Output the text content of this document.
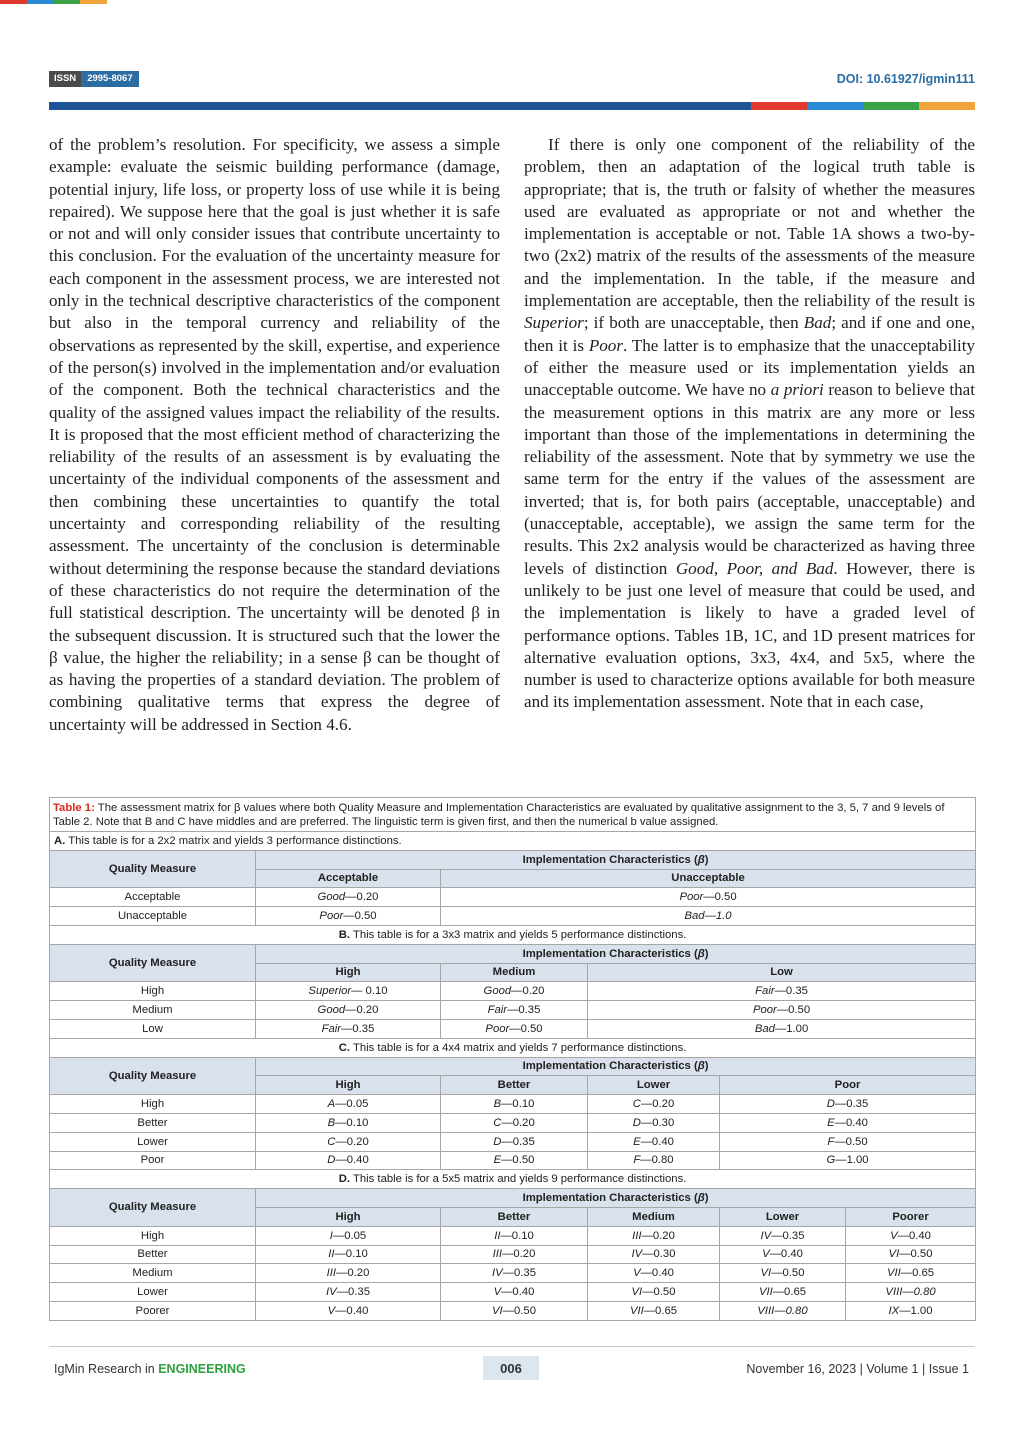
ISSN	2995-8067	DOI: 10.61927/igmin111

of the problem’s resolution. For specificity, we assess a simple example: evaluate the seismic building performance (damage, potential injury, life loss, or property loss of use while it is being repaired). We suppose here that the goal is just whether it is safe or not and will only consider issues that contribute uncertainty to this conclusion. For the evaluation of the uncertainty measure for each component in the assessment process, we are interested not only in the technical descriptive characteristics of the component but also in the temporal currency and reliability of the observations as represented by the skill, expertise, and experience of the person(s) involved in the implementation and/or evaluation of the component. Both the technical characteristics and the quality of the assigned values impact the reliability of the results. It is proposed that the most efficient method of characterizing the reliability of the results of an assessment is by evaluating the uncertainty of the individual components of the assessment and then combining these uncertainties to quantify the total uncertainty and corresponding reliability of the resulting assessment. The uncertainty of the conclusion is determinable without determining the response because the standard deviations of these characteristics do not require the determination of the full statistical description. The uncertainty will be denoted β in the subsequent discussion. It is structured such that the lower the β value, the higher the reliability; in a sense β can be thought of as having the properties of a standard deviation. The problem of combining qualitative terms that express the degree of uncertainty will be addressed in Section 4.6.

If there is only one component of the reliability of the problem, then an adaptation of the logical truth table is appropriate; that is, the truth or falsity of whether the measures used are evaluated as appropriate or not and whether the implementation is acceptable or not. Table 1A shows a two-by-two (2x2) matrix of the results of the assessments of the measure and the implementation. In the table, if the measure and implementation are acceptable, then the reliability of the result is Superior; if both are unacceptable, then Bad; and if one and one, then it is Poor. The latter is to emphasize that the unacceptability of either the measure used or its implementation yields an unacceptable outcome. We have no a priori reason to believe that the measurement options in this matrix are any more or less important than those of the implementations in determining the reliability of the assessment. Note that by symmetry we use the same term for the entry if the values of the assessment are inverted; that is, for both pairs (acceptable, unacceptable) and (unacceptable, acceptable), we assign the same term for the results. This 2x2 analysis would be characterized as having three levels of distinction Good, Poor, and Bad. However, there is unlikely to be just one level of measure that could be used, and the implementation is likely to have a graded level of performance options. Tables 1B, 1C, and 1D present matrices for alternative evaluation options, 3x3, 4x4, and 5x5, where the number is used to characterize options available for both measure and its implementation assessment. Note that in each case,

Table 1: The assessment matrix for β values where both Quality Measure and Implementation Characteristics are evaluated by qualitative assignment to the 3, 5, 7 and 9 levels of Table 2. Note that B and C have middles and are preferred. The linguistic term is given first, and then the numerical b value assigned.					
A. This table is for a 2x2 matrix and yields 3 performance distinctions.					
Quality Measure	Implementation Characteristics (β)				
	Acceptable	Unacceptable			
Acceptable	Good—0.20	Poor—0.50			
Unacceptable	Poor—0.50	Bad—1.0			
B. This table is for a 3x3 matrix and yields 5 performance distinctions.					
Quality Measure	Implementation Characteristics (β)				
	High	Medium	Low		
High	Superior— 0.10	Good—0.20	Fair—0.35		
Medium	Good—0.20	Fair—0.35	Poor—0.50		
Low	Fair—0.35	Poor—0.50	Bad—1.00		
C. This table is for a 4x4 matrix and yields 7 performance distinctions.					
Quality Measure	Implementation Characteristics (β)				
	High	Better	Lower	Poor	
High	A—0.05	B—0.10	C—0.20	D—0.35	
Better	B—0.10	C—0.20	D—0.30	E—0.40	
Lower	C—0.20	D—0.35	E—0.40	F—0.50	
Poor	D—0.40	E—0.50	F—0.80	G—1.00	
D. This table is for a 5x5 matrix and yields 9 performance distinctions.					
Quality Measure	Implementation Characteristics (β)				
	High	Better	Medium	Lower	Poorer
High	I—0.05	II—0.10	III—0.20	IV—0.35	V—0.40
Better	II—0.10	III—0.20	IV—0.30	V—0.40	VI—0.50
Medium	III—0.20	IV—0.35	V—0.40	VI—0.50	VII—0.65
Lower	IV—0.35	V—0.40	VI—0.50	VII—0.65	VIII—0.80
Poorer	V—0.40	VI—0.50	VII—0.65	VIII—0.80	IX—1.00
IgMin Research in ENGINEERING	006	November 16, 2023 | Volume 1 | Issue 1
